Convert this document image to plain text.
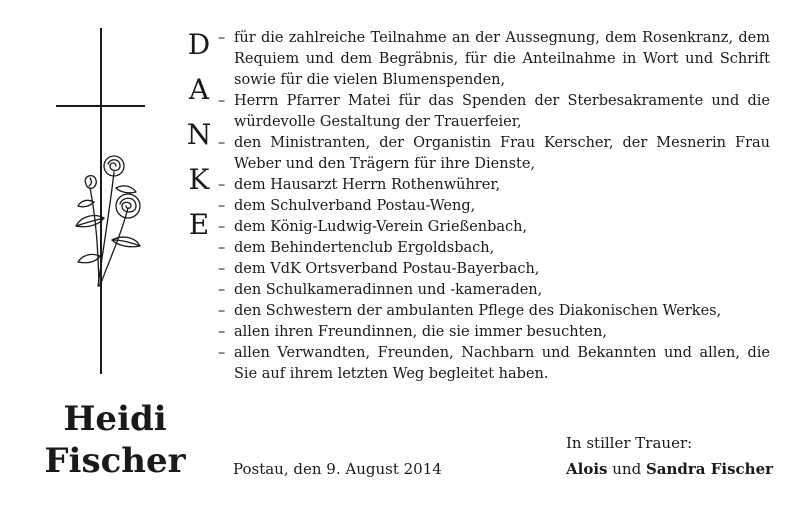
D
A
N
K
E
– für die zahlreiche Teilnahme an der Aussegnung, dem Rosenkranz, dem Requiem und dem Begräbnis, für die Anteilnahme in Wort und Schrift sowie für die vielen Blumenspenden,
– Herrn Pfarrer Matei für das Spenden der Sterbesakramente und die würdevolle Gestaltung der Trauerfeier,
– den Ministranten, der Organistin Frau Kerscher, der Mesnerin Frau Weber und den Trägern für ihre Dienste,
– dem Hausarzt Herrn Rothenwührer,
– dem Schulverband Postau-Weng,
– dem König-Ludwig-Verein Grießenbach,
– dem Behindertenclub Ergoldsbach,
– dem VdK Ortsverband Postau-Bayerbach,
– den Schulkameradinnen und -kameraden,
– den Schwestern der ambulanten Pflege des Diakonischen Werkes,
– allen ihren Freundinnen, die sie immer besuchten,
– allen Verwandten, Freunden, Nachbarn und Bekannten und allen, die Sie auf ihrem letzten Weg begleitet haben.
Heidi
Fischer	Postau, den 9. August 2014
In stiller Trauer:
Alois und Sandra Fischer
